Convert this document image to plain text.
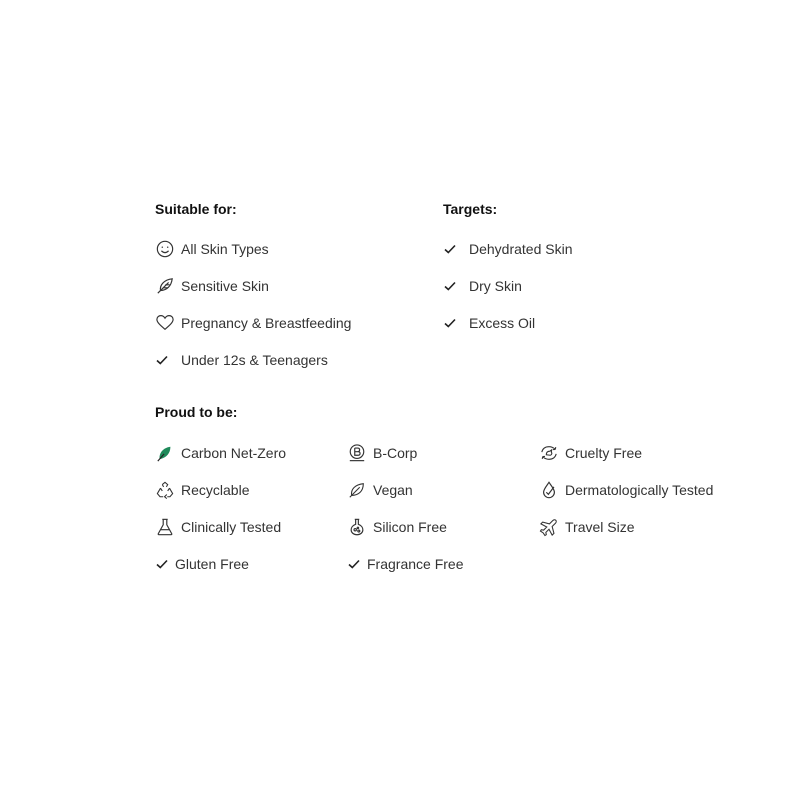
Suitable for:
All Skin Types
Sensitive Skin
Pregnancy & Breastfeeding
Under 12s & Teenagers
Targets:
Dehydrated Skin
Dry Skin
Excess Oil
Proud to be:
Carbon Net-Zero	B-Corp	Cruelty Free
Recyclable	Vegan	Dermatologically Tested
Clinically Tested	Silicon Free	Travel Size
Gluten Free	Fragrance Free
